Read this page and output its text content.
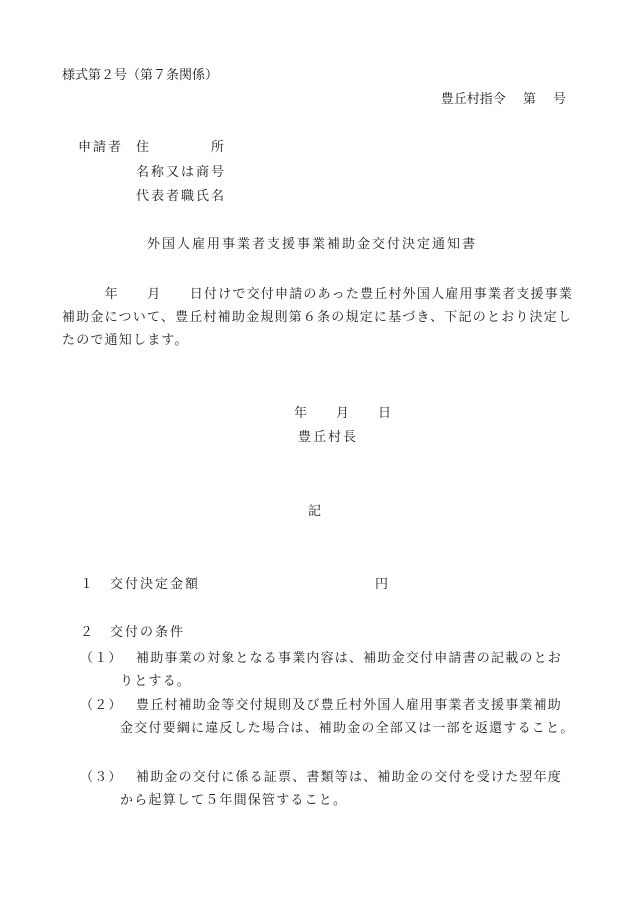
様式第２号（第７条関係）
豊丘村指令　 第　 号
申請者 住　　　　所
名称又は商号
代表者職氏名
外国人雇用事業者支援事業補助金交付決定通知書
　　　年　　月　　日付けで交付申請のあった豊丘村外国人雇用事業者支援事業補助金について、豊丘村補助金規則第６条の規定に基づき、下記のとおり決定したので通知します。
年　　月　　日
豊丘村長
記
１　交付決定金額	円
２　交付の条件
（１）	補助事業の対象となる事業内容は、補助金交付申請書の記載のとおりとする。
（２）	豊丘村補助金等交付規則及び豊丘村外国人雇用事業者支援事業補助金交付要綱に違反した場合は、補助金の全部又は一部を返還すること。
（３）	補助金の交付に係る証票、書類等は、補助金の交付を受けた翌年度から起算して５年間保管すること。
